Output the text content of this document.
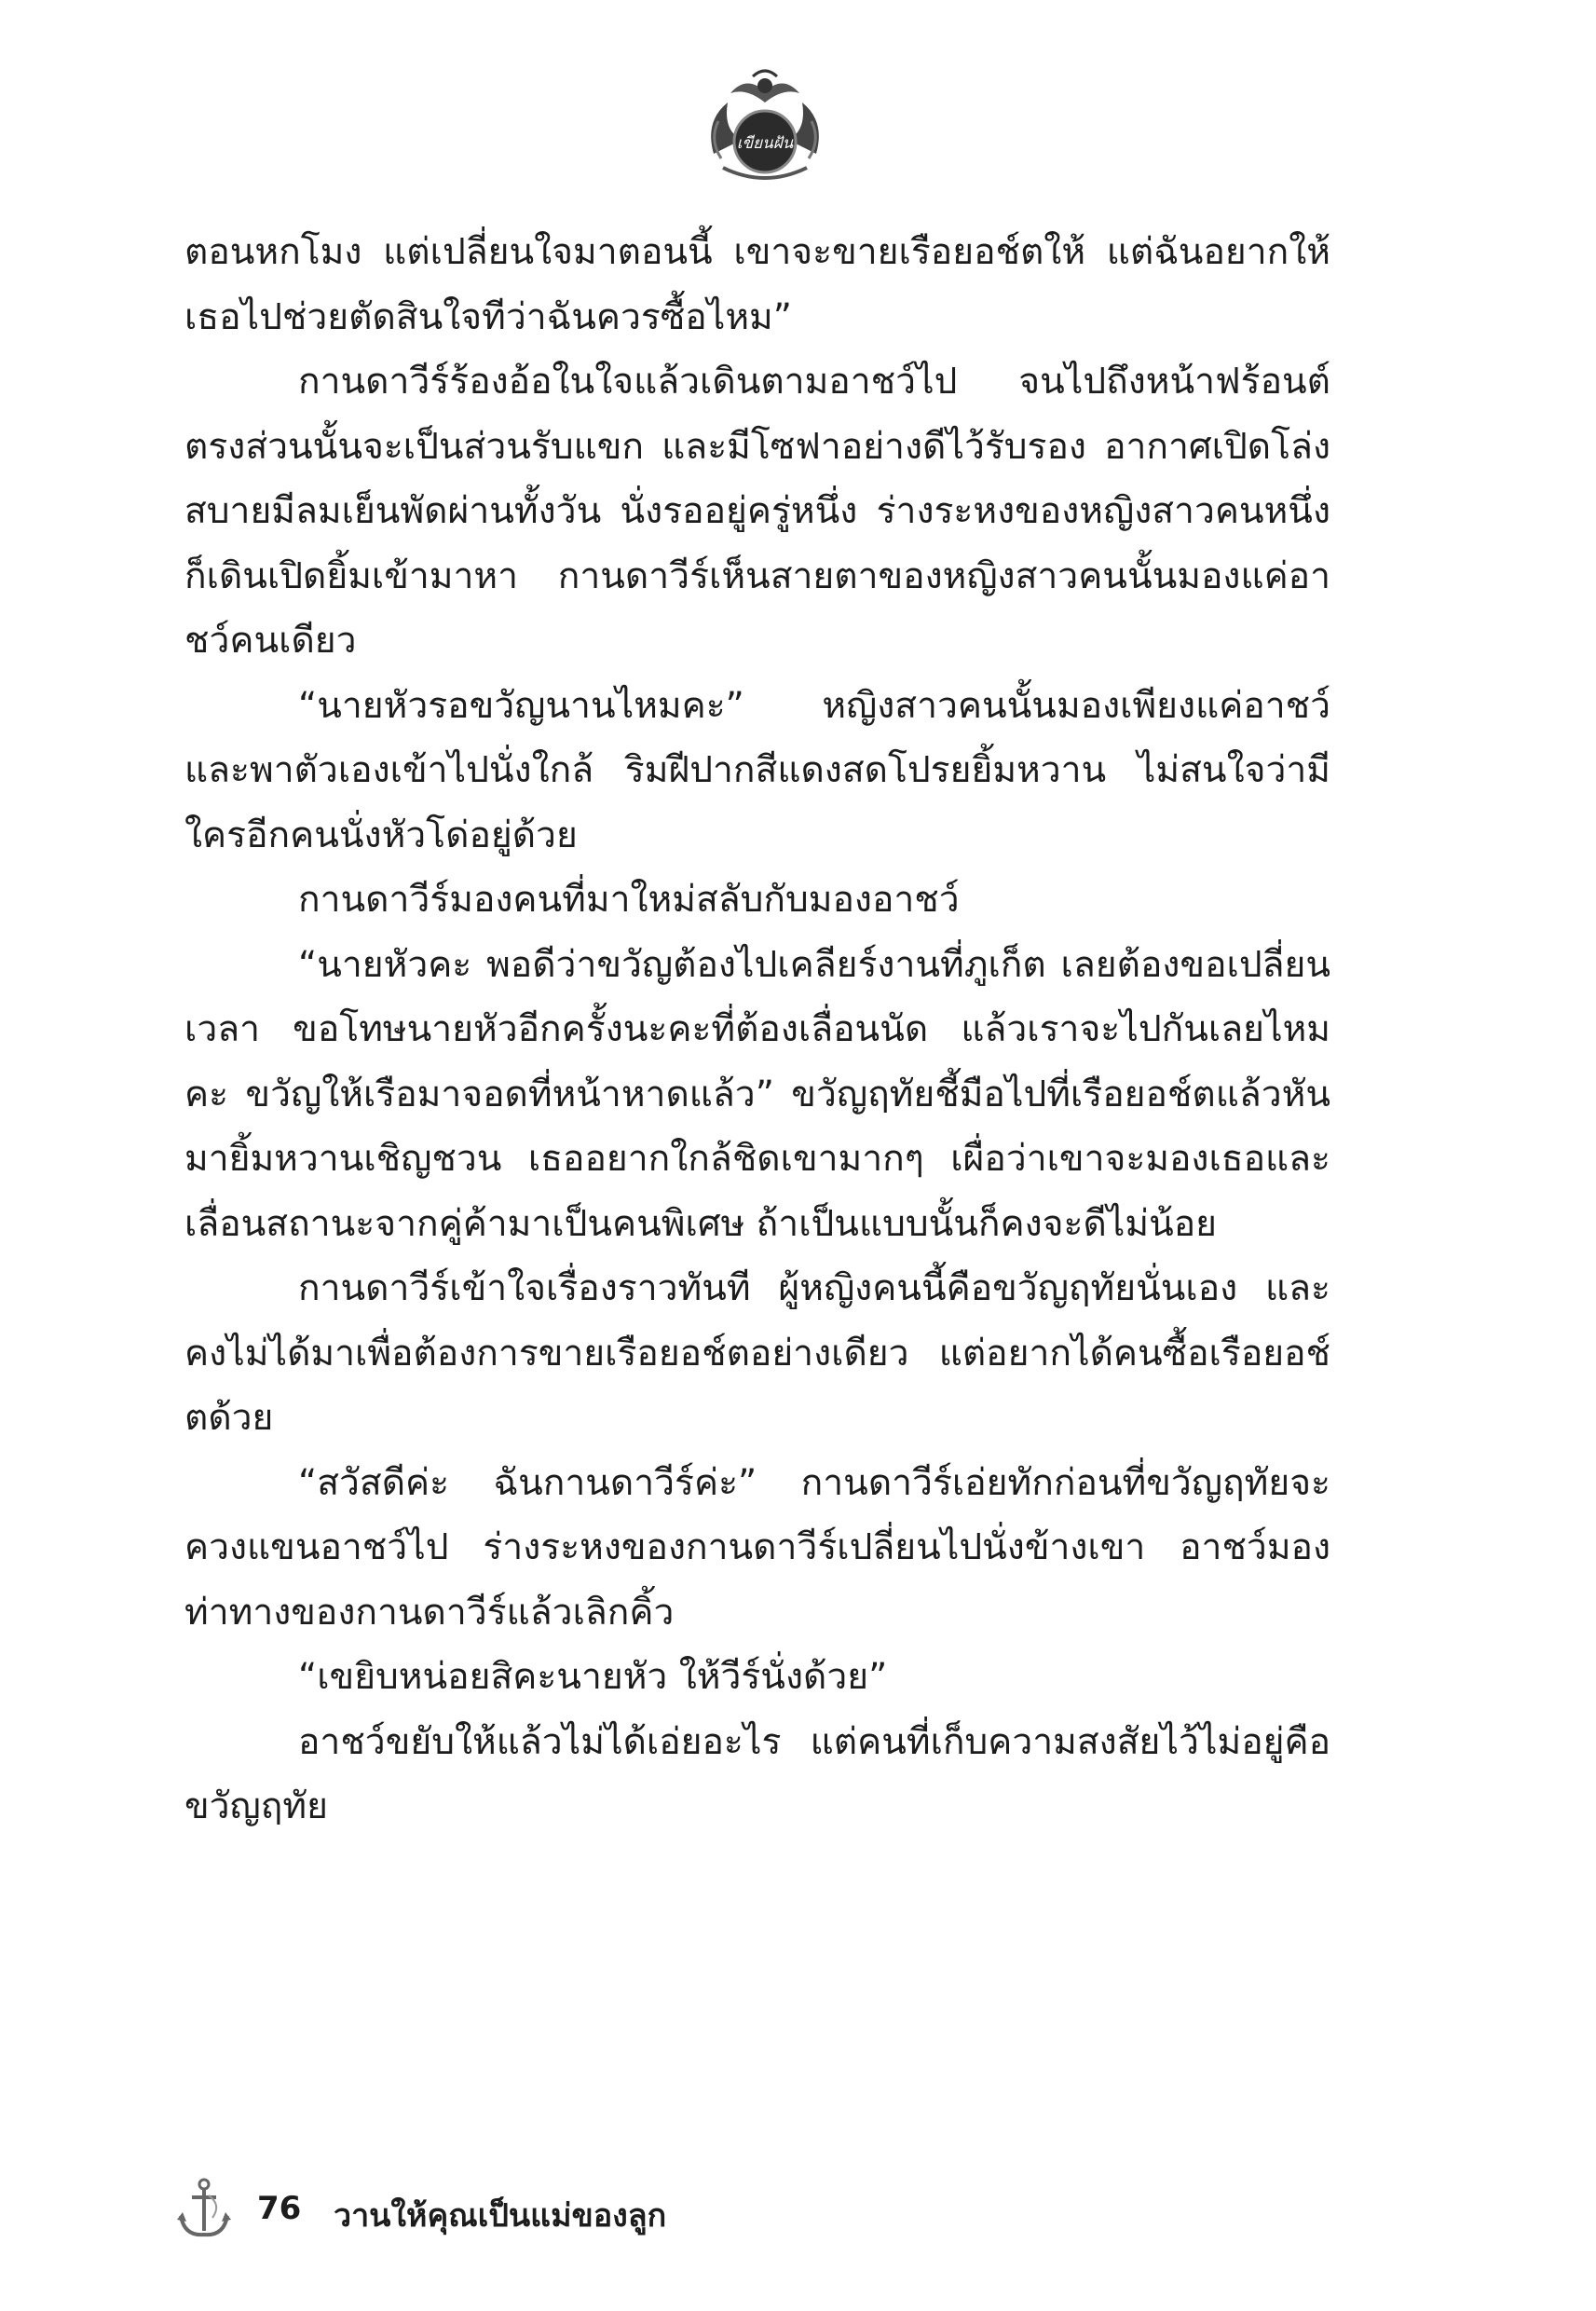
เขียนฝัน

ตอนหกโมง แต่เปลี่ยนใจมาตอนนี้ เขาจะขายเรือยอช์ตให้ แต่ฉันอยากให้เธอไปช่วยตัดสินใจทีว่าฉันควรซื้อไหม”

กานดาวีร์ร้องอ้อในใจแล้วเดินตามอาชว์ไป จนไปถึงหน้าฟร้อนต์ ตรงส่วนนั้นจะเป็นส่วนรับแขก และมีโซฟาอย่างดีไว้รับรอง อากาศเปิดโล่งสบายมีลมเย็นพัดผ่านทั้งวัน นั่งรออยู่ครู่หนึ่ง ร่างระหงของหญิงสาวคนหนึ่งก็เดินเปิดยิ้มเข้ามาหา กานดาวีร์เห็นสายตาของหญิงสาวคนนั้นมองแค่อาชว์คนเดียว

“นายหัวรอขวัญนานไหมคะ” หญิงสาวคนนั้นมองเพียงแค่อาชว์ และพาตัวเองเข้าไปนั่งใกล้ ริมฝีปากสีแดงสดโปรยยิ้มหวาน ไม่สนใจว่ามีใครอีกคนนั่งหัวโด่อยู่ด้วย

กานดาวีร์มองคนที่มาใหม่สลับกับมองอาชว์

“นายหัวคะ พอดีว่าขวัญต้องไปเคลียร์งานที่ภูเก็ต เลยต้องขอเปลี่ยนเวลา ขอโทษนายหัวอีกครั้งนะคะที่ต้องเลื่อนนัด แล้วเราจะไปกันเลยไหมคะ ขวัญให้เรือมาจอดที่หน้าหาดแล้ว” ขวัญฤทัยชี้มือไปที่เรือยอช์ตแล้วหันมายิ้มหวานเชิญชวน เธออยากใกล้ชิดเขามากๆ เผื่อว่าเขาจะมองเธอและเลื่อนสถานะจากคู่ค้ามาเป็นคนพิเศษ ถ้าเป็นแบบนั้นก็คงจะดีไม่น้อย

กานดาวีร์เข้าใจเรื่องราวทันที ผู้หญิงคนนี้คือขวัญฤทัยนั่นเอง และคงไม่ได้มาเพื่อต้องการขายเรือยอช์ตอย่างเดียว แต่อยากได้คนซื้อเรือยอช์ตด้วย

“สวัสดีค่ะ ฉันกานดาวีร์ค่ะ” กานดาวีร์เอ่ยทักก่อนที่ขวัญฤทัยจะควงแขนอาชว์ไป ร่างระหงของกานดาวีร์เปลี่ยนไปนั่งข้างเขา อาชว์มองท่าทางของกานดาวีร์แล้วเลิกคิ้ว

“เขยิบหน่อยสิคะนายหัว ให้วีร์นั่งด้วย”

อาชว์ขยับให้แล้วไม่ได้เอ่ยอะไร แต่คนที่เก็บความสงสัยไว้ไม่อยู่คือขวัญฤทัย

76 วานให้คุณเป็นแม่ของลูก
